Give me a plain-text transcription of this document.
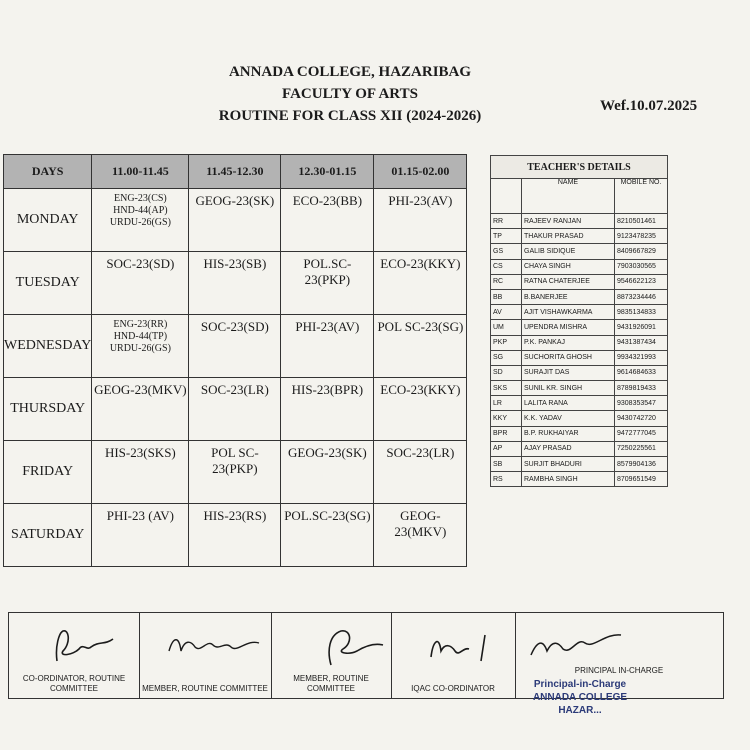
ANNADA COLLEGE, HAZARIBAG
FACULTY OF ARTS
ROUTINE FOR CLASS XII (2024-2026)
Wef.10.07.2025
DAYS	11.00-11.45	11.45-12.30	12.30-01.15	01.15-02.00
MONDAY	ENG-23(CS)
HND-44(AP)
URDU-26(GS)	GEOG-23(SK)	ECO-23(BB)	PHI-23(AV)

TUESDAY	SOC-23(SD)	HIS-23(SB)	POL.SC-23(PKP)	ECO-23(KKY)

WEDNESDAY	ENG-23(RR)
HND-44(TP)
URDU-26(GS)	SOC-23(SD)	PHI-23(AV)	POL SC-23(SG)

THURSDAY	GEOG-23(MKV)	SOC-23(LR)	HIS-23(BPR)	ECO-23(KKY)

FRIDAY	HIS-23(SKS)	POL SC-23(PKP)	GEOG-23(SK)	SOC-23(LR)

SATURDAY	PHI-23 (AV)	HIS-23(RS)	POL.SC-23(SG)	GEOG-23(MKV)
TEACHER'S DETAILS		
	NAME	MOBILE NO.
RR	RAJEEV RANJAN	8210501461
TP	THAKUR PRASAD	9123478235
GS	GALIB SIDIQUE	8409667829
CS	CHAYA SINGH	7903030565
RC	RATNA CHATERJEE	9546622123
BB	B.BANERJEE	8873234446
AV	AJIT VISHAWKARMA	9835134833
UM	UPENDRA MISHRA	9431926091
PKP	P.K. PANKAJ	9431387434
SG	SUCHORITA GHOSH	9934321993
SD	SURAJIT DAS	9614684633
SKS	SUNIL KR. SINGH	8789819433
LR	LALITA RANA	9308353547
KKY	K.K. YADAV	9430742720
BPR	B.P. RUKHAIYAR	9472777045
AP	AJAY PRASAD	7250225561
SB	SURJIT BHADURI	8579904136
RS	RAMBHA SINGH	8709651549
CO-ORDINATOR, ROUTINE COMMITTEE	MEMBER, ROUTINE COMMITTEE
MEMBER, ROUTINE COMMITTEE	IQAC CO-ORDINATOR
PRINCIPAL IN-CHARGE
Principal-in-Charge
ANNADA COLLEGE
HAZAR...
